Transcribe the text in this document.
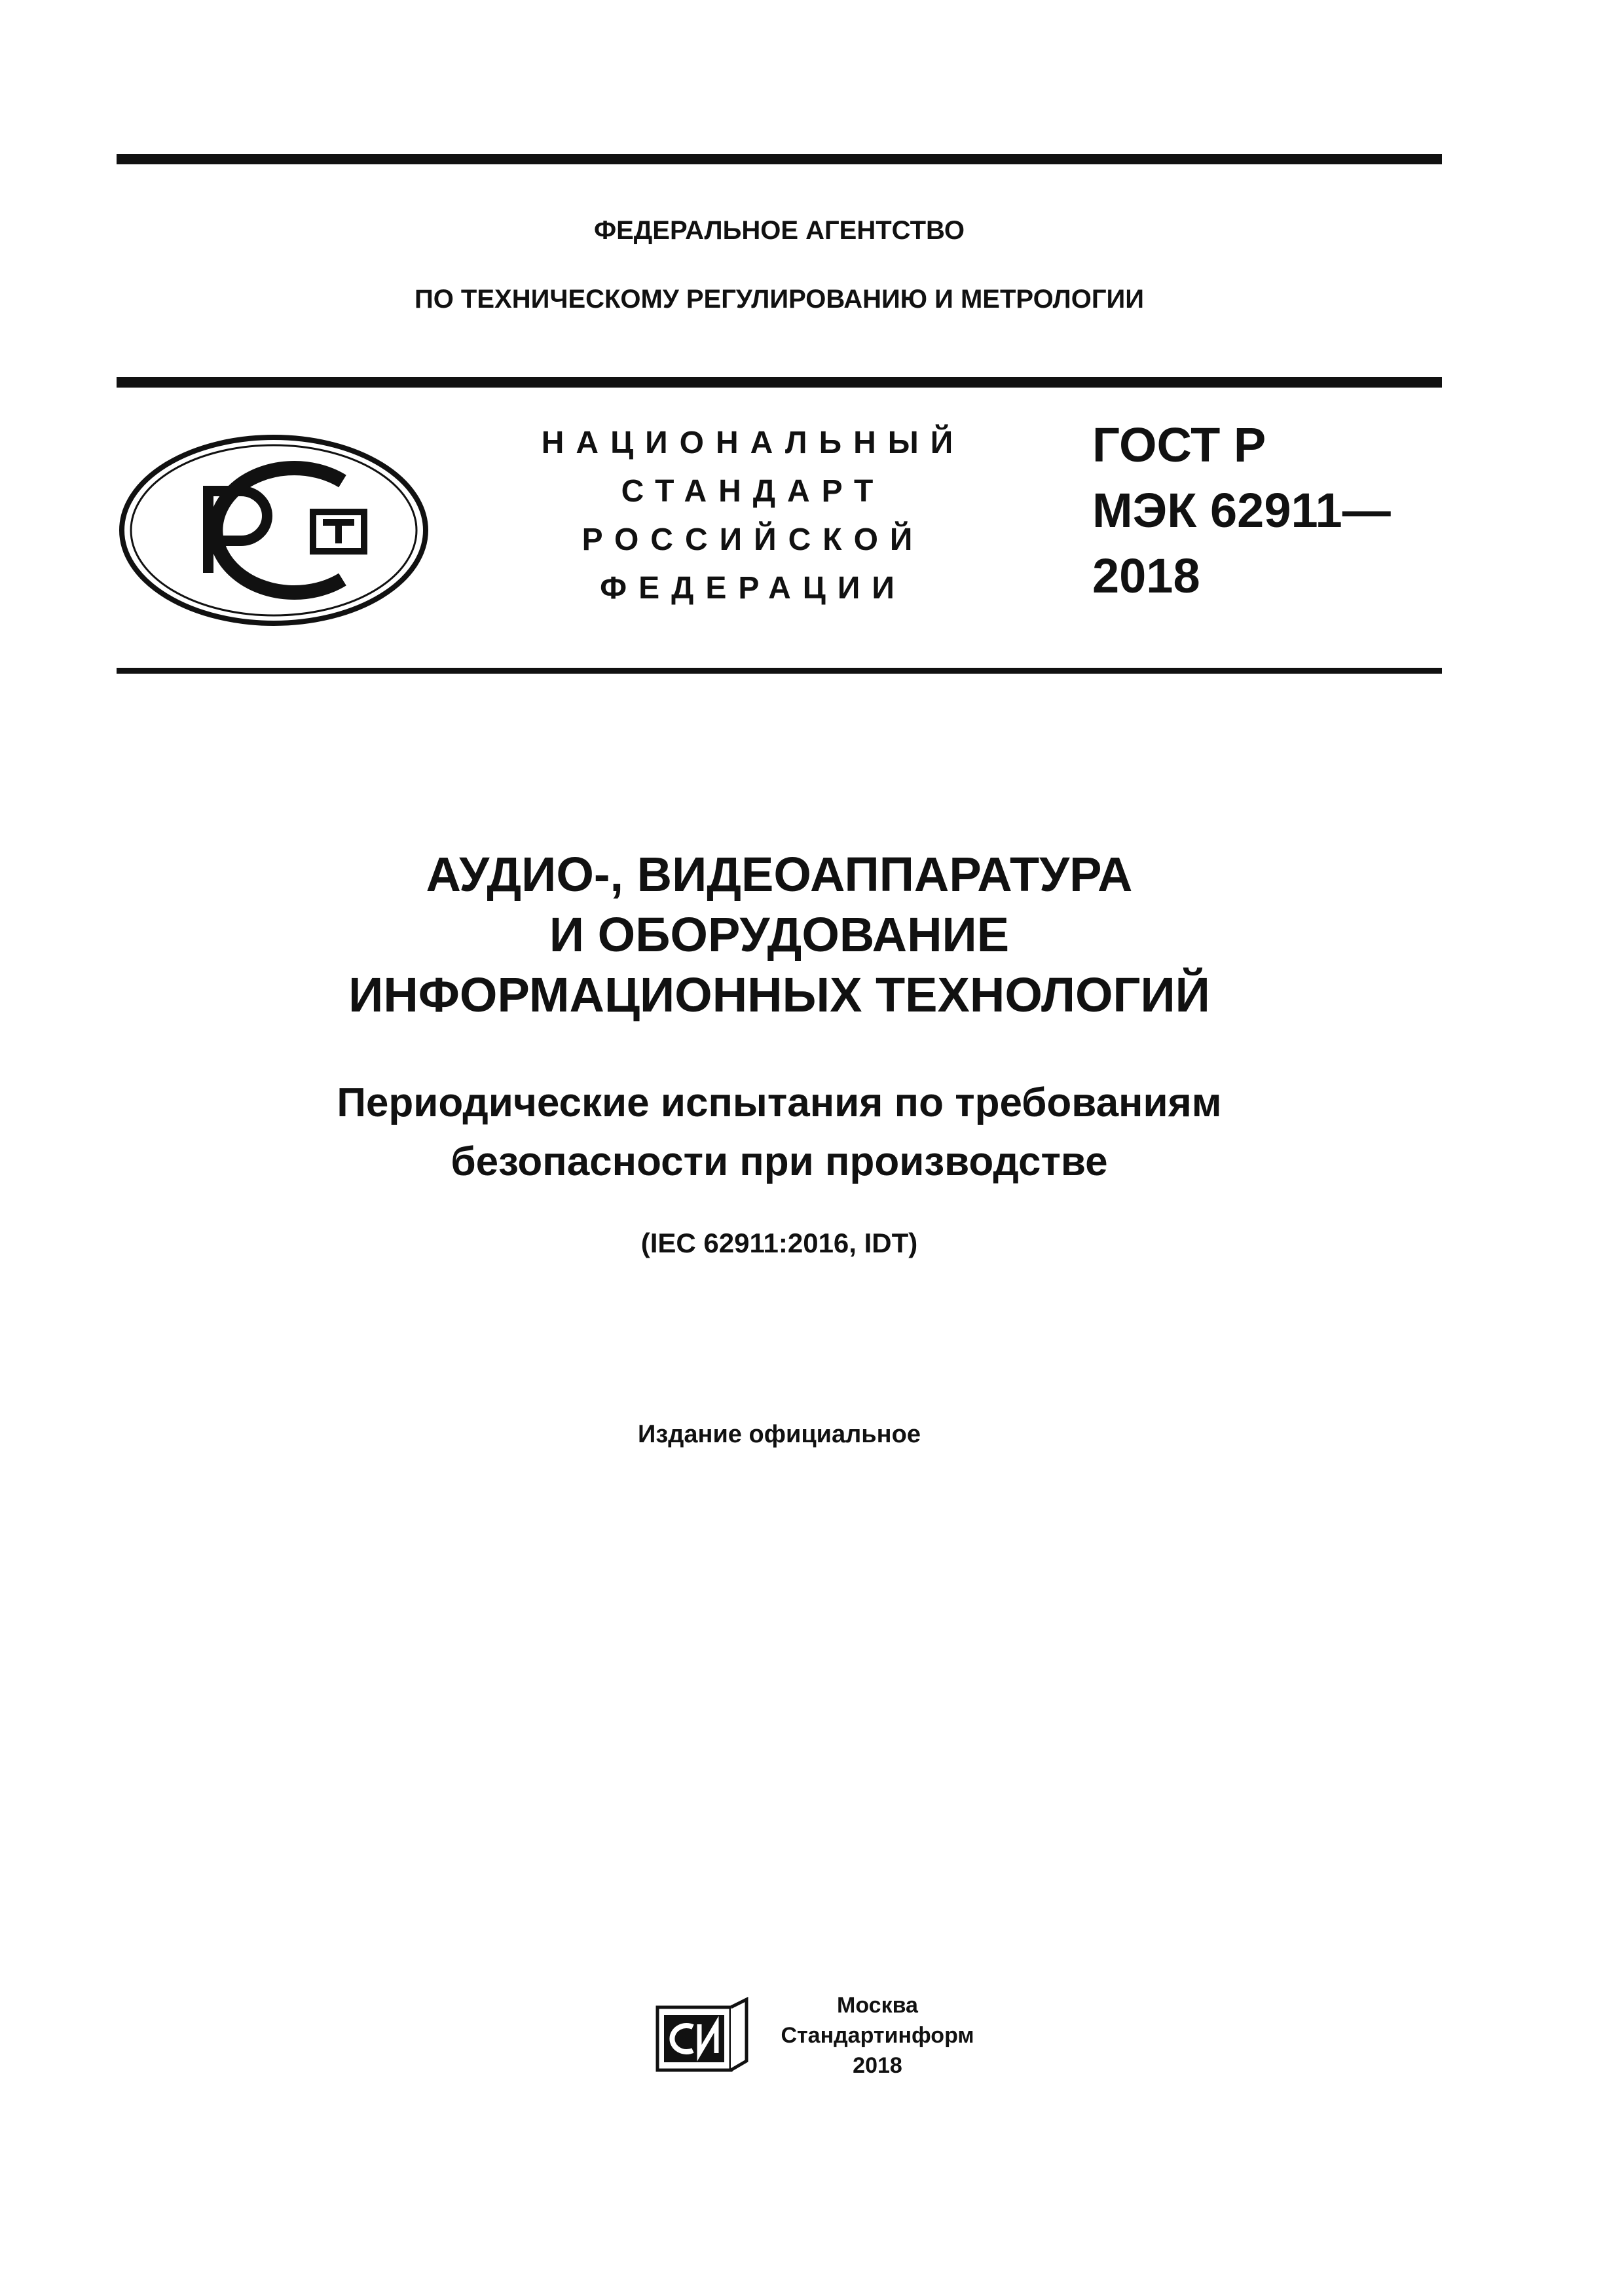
ФЕДЕРАЛЬНОЕ АГЕНТСТВО
ПО ТЕХНИЧЕСКОМУ РЕГУЛИРОВАНИЮ И МЕТРОЛОГИИ
НАЦИОНАЛЬНЫЙ
СТАНДАРТ
РОССИЙСКОЙ
ФЕДЕРАЦИИ
ГОСТ Р
МЭК 62911—
2018
АУДИО-, ВИДЕОАППАРАТУРА
И ОБОРУДОВАНИЕ
ИНФОРМАЦИОННЫХ ТЕХНОЛОГИЙ
Периодические испытания по требованиям
безопасности при производстве
(IEC 62911:2016, IDT)
Издание официальное
Москва
Стандартинформ
2018
